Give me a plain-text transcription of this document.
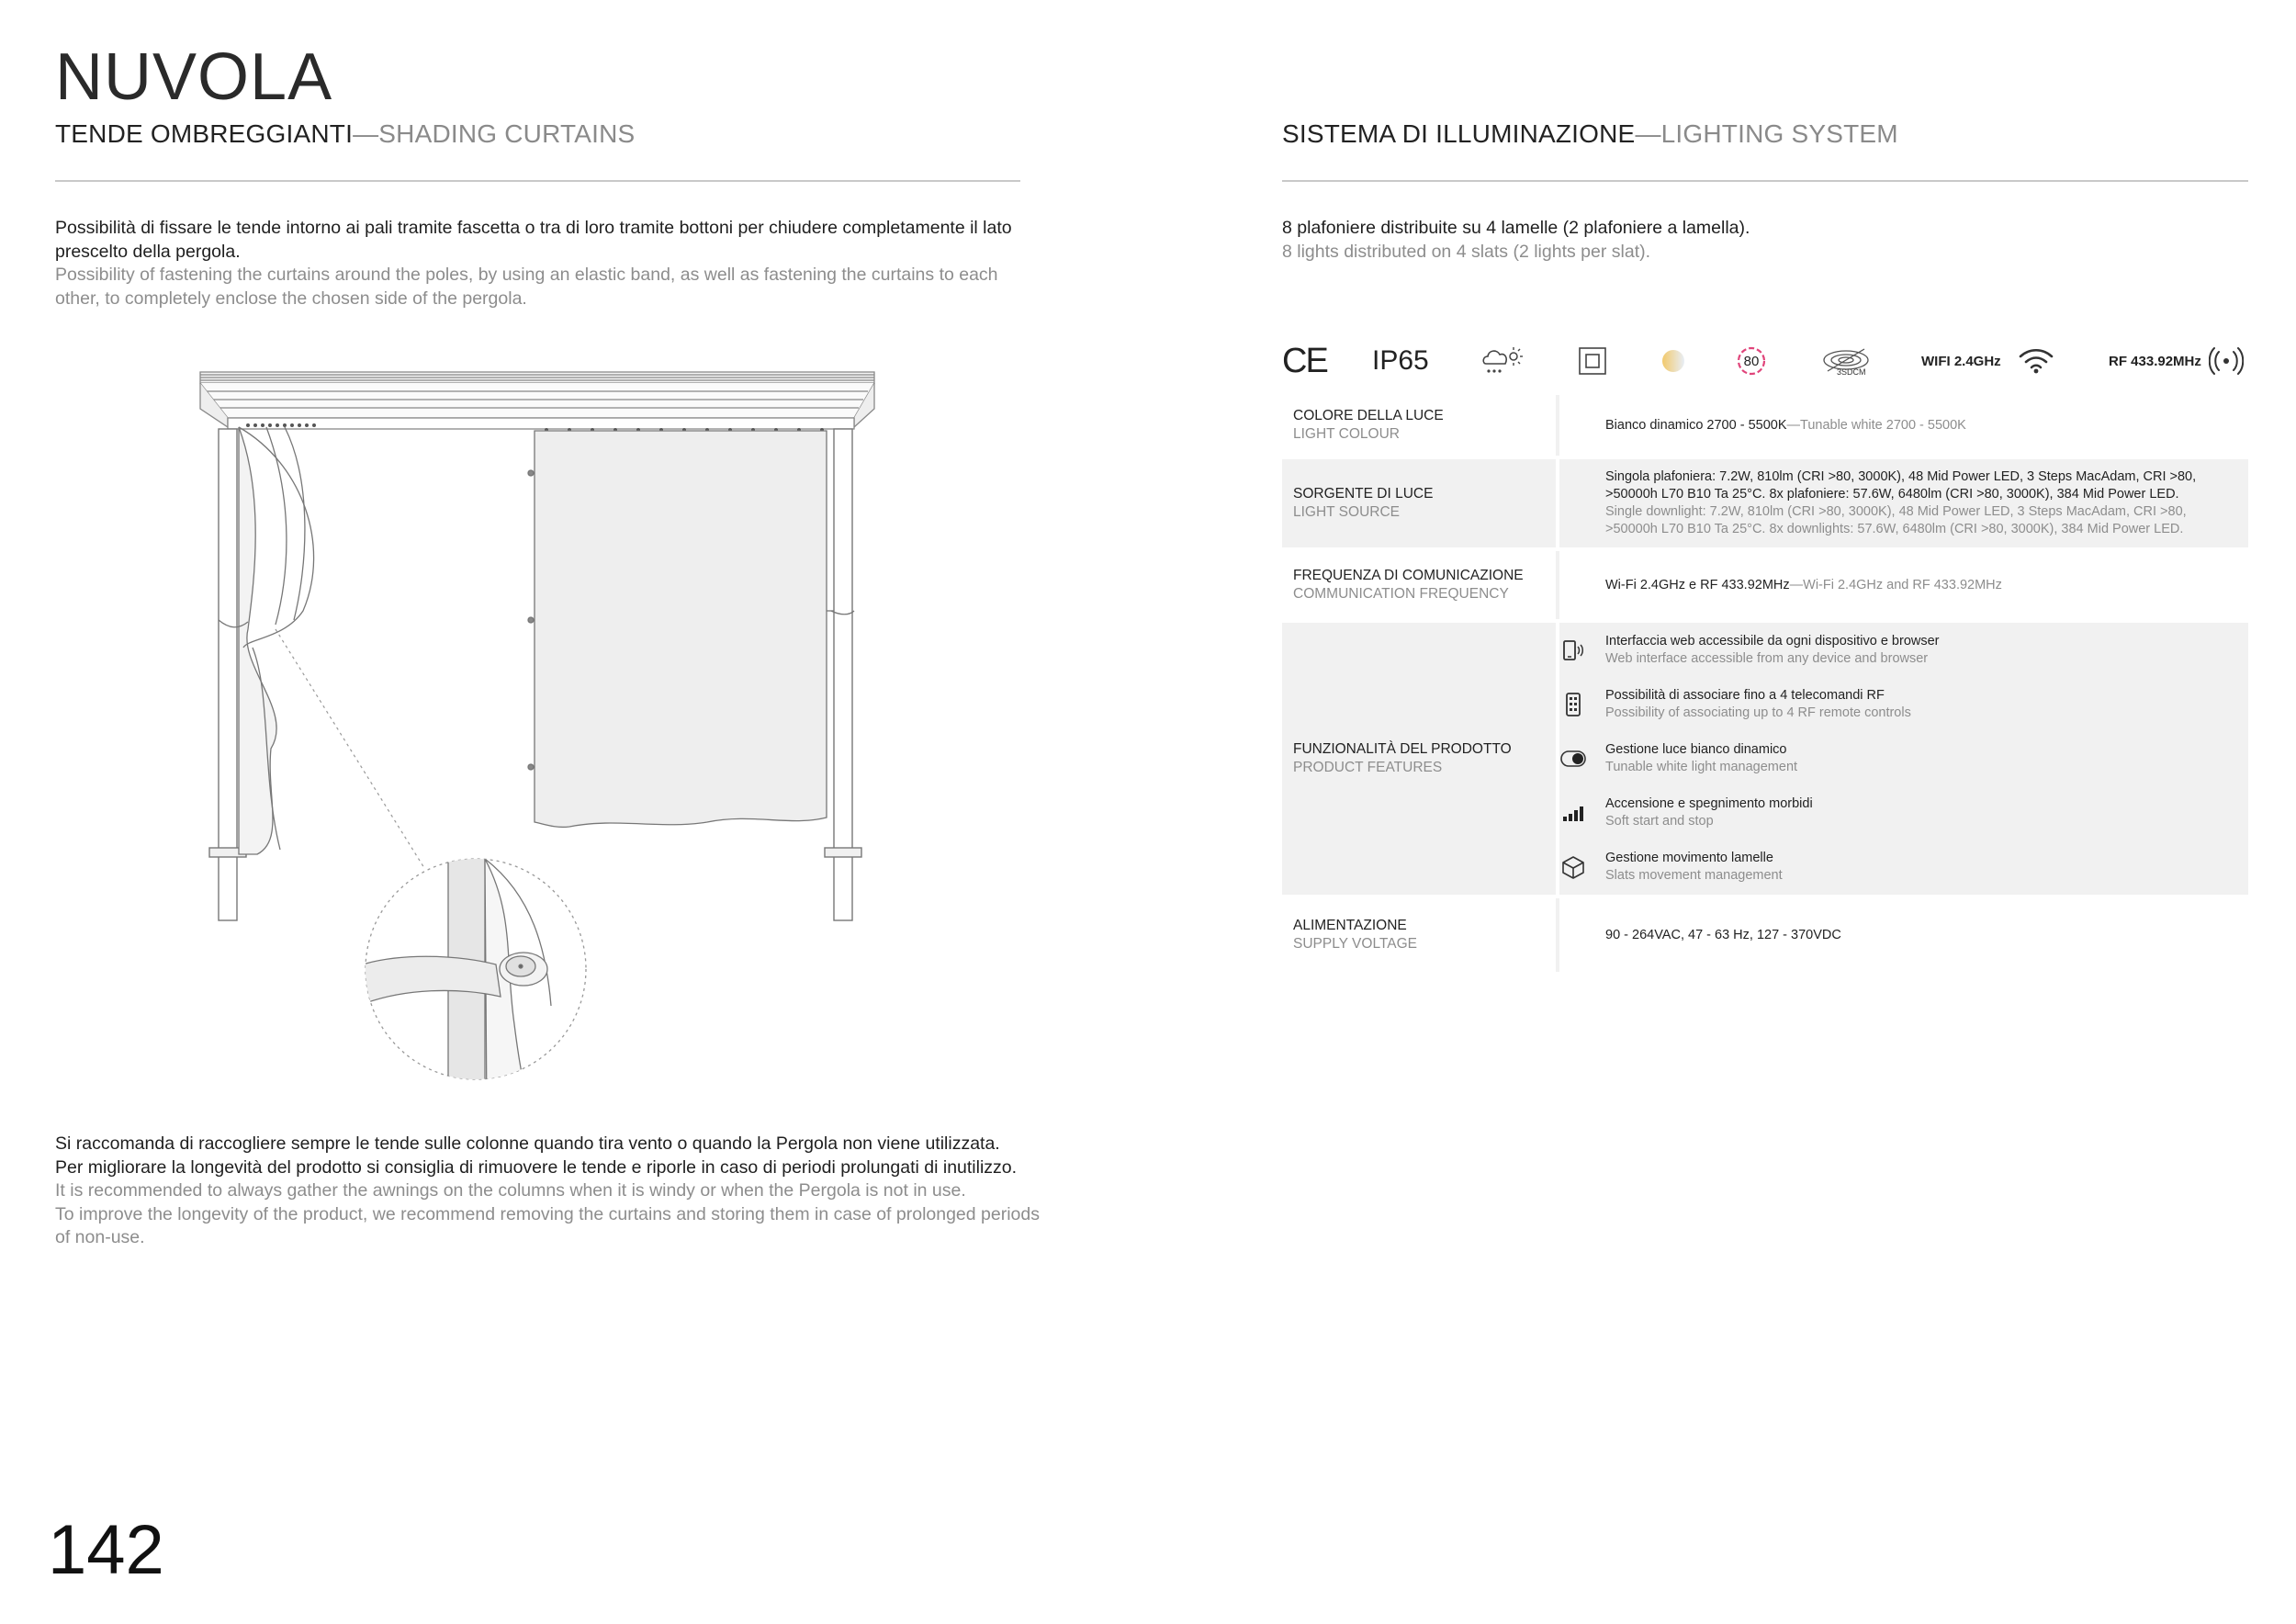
NUVOLA
TENDE OMBREGGIANTI—SHADING CURTAINS
Possibilità di fissare le tende intorno ai pali tramite fascetta o tra di loro tramite bottoni per chiudere completamente il lato prescelto della pergola.
Possibility of fastening the curtains around the poles, by using an elastic band, as well as fastening the curtains to each other, to completely enclose the chosen side of the pergola.
Si raccomanda di raccogliere sempre le tende sulle colonne quando tira vento o quando la Pergola non viene utilizzata.
Per migliorare la longevità del prodotto si consiglia di rimuovere le tende e riporle in caso di periodi prolungati di inutilizzo.
It is recommended to always gather the awnings on the columns when it is windy or when the Pergola is not in use.
To improve the longevity of the product, we recommend removing the curtains and storing them in case of prolonged periods of non-use.
142
SISTEMA DI ILLUMINAZIONE—LIGHTING SYSTEM
8 plafoniere distribuite su 4 lamelle (2 plafoniere a lamella).
8 lights distributed on 4 slats (2 lights per slat).
CE IP65	80
3SDCM
WIFI 2.4GHz	RF 433.92MHz
COLORE DELLA LUCE
LIGHT COLOUR
Bianco dinamico 2700 - 5500K—Tunable white 2700 - 5500K
SORGENTE DI LUCE
LIGHT SOURCE
Singola plafoniera: 7.2W, 810lm (CRI >80, 3000K), 48 Mid Power LED, 3 Steps MacAdam, CRI >80, >50000h L70 B10 Ta 25°C. 8x plafoniere: 57.6W, 6480lm (CRI >80, 3000K), 384 Mid Power LED.
Single downlight: 7.2W, 810lm (CRI >80, 3000K), 48 Mid Power LED, 3 Steps MacAdam, CRI >80, >50000h L70 B10 Ta 25°C. 8x downlights: 57.6W, 6480lm (CRI >80, 3000K), 384 Mid Power LED.
FREQUENZA DI COMUNICAZIONE
COMMUNICATION FREQUENCY
Wi-Fi 2.4GHz e RF 433.92MHz—Wi-Fi 2.4GHz and RF 433.92MHz
FUNZIONALITÀ DEL PRODOTTO
PRODUCT FEATURES
Interfaccia web accessibile da ogni dispositivo e browser
Web interface accessible from any device and browser
Possibilità di associare fino a 4 telecomandi RF
Possibility of associating up to 4 RF remote controls
Gestione luce bianco dinamico
Tunable white light management
Accensione e spegnimento morbidi
Soft start and stop
Gestione movimento lamelle
Slats movement management
ALIMENTAZIONE
SUPPLY VOLTAGE
90 - 264VAC, 47 - 63 Hz, 127 - 370VDC
